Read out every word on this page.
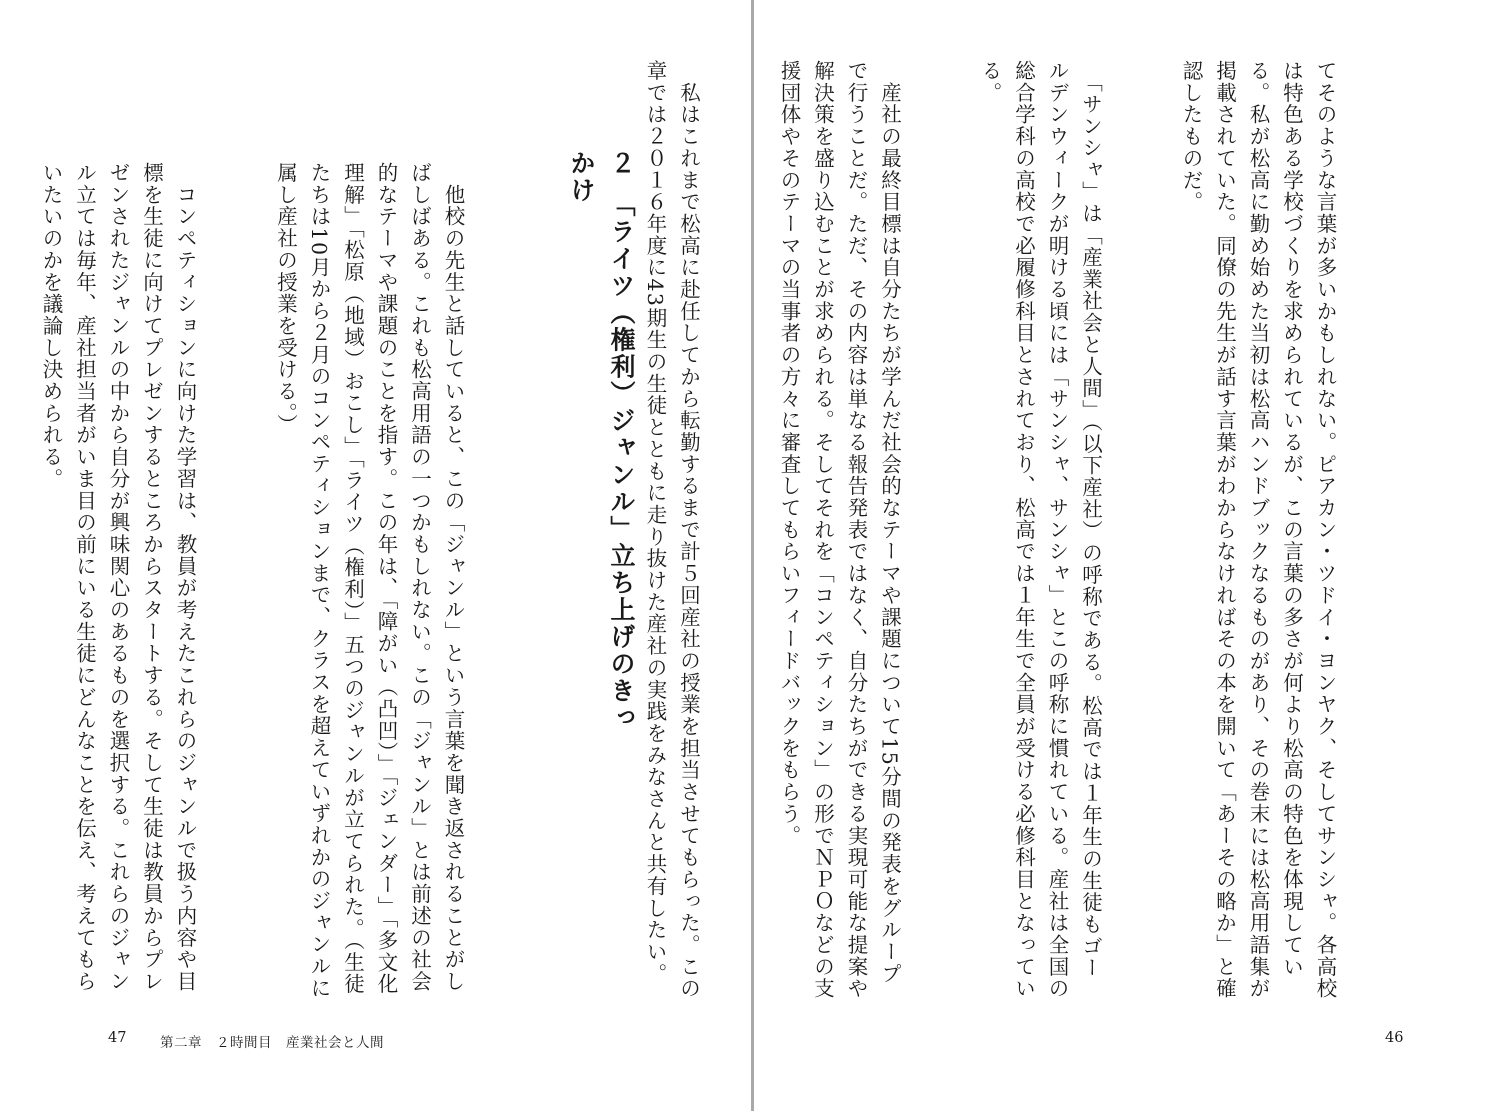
てそのような言葉が多いかもしれない。ピアカン・ツドイ・ヨンヤク、そしてサンシャ。各高校は特色ある学校づくりを求められているが、この言葉の多さが何より松高の特色を体現している。私が松高に勤め始めた当初は松高ハンドブックなるものがあり、その巻末には松高用語集が掲載されていた。同僚の先生が話す言葉がわからなければその本を開いて「あーその略か」と確認したものだ。

　「サンシャ」は「産業社会と人間」（以下産社）の呼称である。松高では１年生の生徒もゴールデンウィークが明ける頃には「サンシャ、サンシャ」とこの呼称に慣れている。産社は全国の総合学科の高校で必履修科目とされており、松高では１年生で全員が受ける必修科目となっている。

　産社の最終目標は自分たちが学んだ社会的なテーマや課題について15分間の発表をグループで行うことだ。ただ、その内容は単なる報告発表ではなく、自分たちができる実現可能な提案や解決策を盛り込むことが求められる。そしてそれを「コンペティション」の形でＮＰＯなどの支援団体やそのテーマの当事者の方々に審査してもらいフィードバックをもらう。

　私はこれまで松高に赴任してから転勤するまで計５回産社の授業を担当させてもらった。この章では２０１６年度に43期生の生徒とともに走り抜けた産社の実践をみなさんと共有したい。

46
２　「ライツ（権利）ジャンル」立ち上げのきっかけ

　他校の先生と話していると、この「ジャンル」という言葉を聞き返されることがしばしばある。これも松高用語の一つかもしれない。この「ジャンル」とは前述の社会的なテーマや課題のことを指す。この年は、「障がい（凸凹）」「ジェンダー」「多文化理解」「松原（地域）おこし」「ライツ（権利）」五つのジャンルが立てられた。（生徒たちは10月から２月のコンペティションまで、クラスを超えていずれかのジャンルに属し産社の授業を受ける。）

　コンペティションに向けた学習は、教員が考えたこれらのジャンルで扱う内容や目標を生徒に向けてプレゼンするところからスタートする。そして生徒は教員からプレゼンされたジャンルの中から自分が興味関心のあるものを選択する。これらのジャンル立ては毎年、産社担当者がいま目の前にいる生徒にどんなことを伝え、考えてもらいたいのかを議論し決められる。

47 第二章　２時間目　産業社会と人間
